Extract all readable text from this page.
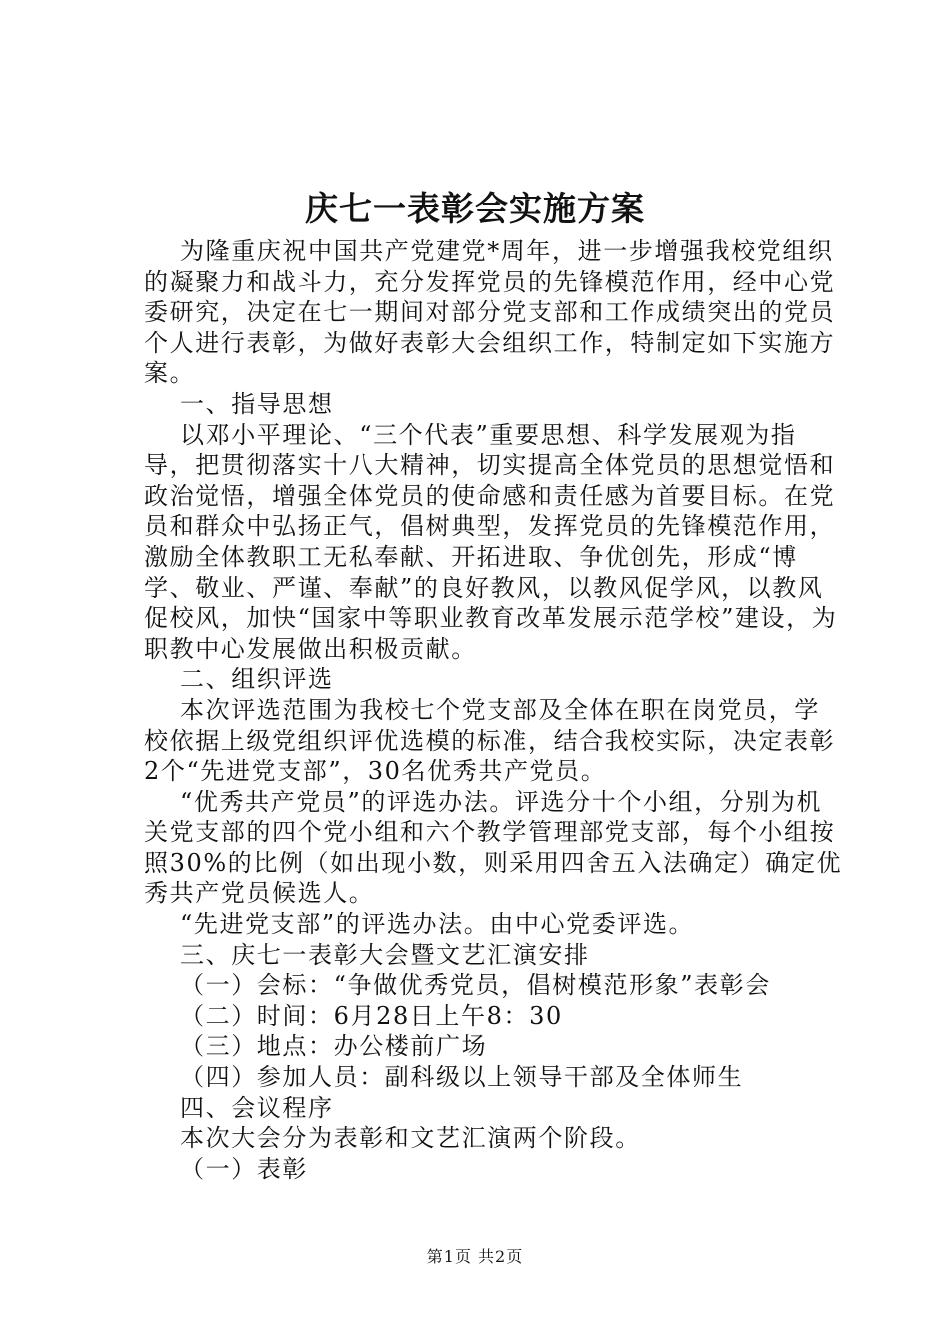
庆七一表彰会实施方案

为隆重庆祝中国共产党建党*周年，进一步增强我校党组织的凝聚力和战斗力，充分发挥党员的先锋模范作用，经中心党委研究，决定在七一期间对部分党支部和工作成绩突出的党员个人进行表彰，为做好表彰大会组织工作，特制定如下实施方案。

一、指导思想

以邓小平理论、“三个代表”重要思想、科学发展观为指导，把贯彻落实十八大精神，切实提高全体党员的思想觉悟和政治觉悟，增强全体党员的使命感和责任感为首要目标。在党员和群众中弘扬正气，倡树典型，发挥党员的先锋模范作用，激励全体教职工无私奉献、开拓进取、争优创先，形成“博学、敬业、严谨、奉献”的良好教风，以教风促学风，以教风促校风，加快“国家中等职业教育改革发展示范学校”建设，为职教中心发展做出积极贡献。

二、组织评选

本次评选范围为我校七个党支部及全体在职在岗党员，学校依据上级党组织评优选模的标准，结合我校实际，决定表彰2个“先进党支部”，30名优秀共产党员。

“优秀共产党员”的评选办法。评选分十个小组，分别为机关党支部的四个党小组和六个教学管理部党支部，每个小组按照30%的比例（如出现小数，则采用四舍五入法确定）确定优秀共产党员候选人。

“先进党支部”的评选办法。由中心党委评选。

三、庆七一表彰大会暨文艺汇演安排

（一）会标：“争做优秀党员，倡树模范形象”表彰会

（二）时间：6月28日上午8：30

（三）地点：办公楼前广场

（四）参加人员：副科级以上领导干部及全体师生

四、会议程序

本次大会分为表彰和文艺汇演两个阶段。

（一）表彰

第1页 共2页
